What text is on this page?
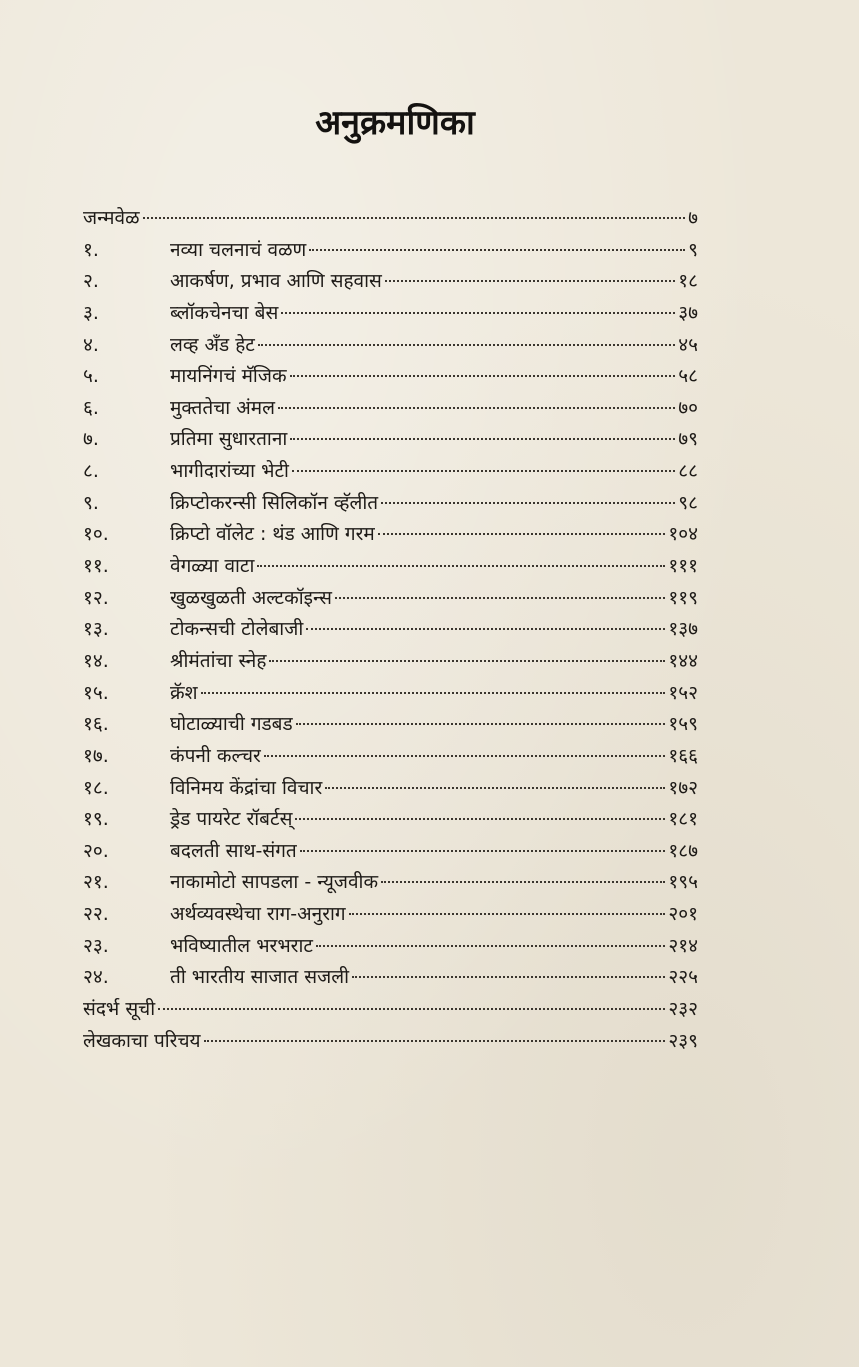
अनुक्रमणिका
जन्मवेळ	७
१.	नव्या चलनाचं वळण	९
२.	आकर्षण, प्रभाव आणि सहवास	१८
३.	ब्लॉकचेनचा बेस	३७
४.	लव्ह अँड हेट	४५
५.	मायनिंगचं मॅजिक	५८
६.	मुक्ततेचा अंमल	७०
७.	प्रतिमा सुधारताना	७९
८.	भागीदारांच्या भेटी	८८
९.	क्रिप्टोकरन्सी सिलिकॉन व्हॅलीत	९८
१०.	क्रिप्टो वॉलेट : थंड आणि गरम	१०४
११.	वेगळ्या वाटा	१११
१२.	खुळखुळती अल्टकॉइन्स	११९
१३.	टोकन्सची टोलेबाजी	१३७
१४.	श्रीमंतांचा स्नेह	१४४
१५.	क्रॅश	१५२
१६.	घोटाळ्याची गडबड	१५९
१७.	कंपनी कल्चर	१६६
१८.	विनिमय केंद्रांचा विचार	१७२
१९.	ड्रेड पायरेट रॉबर्टस्	१८१
२०.	बदलती साथ-संगत	१८७
२१.	नाकामोटो सापडला - न्यूजवीक	१९५
२२.	अर्थव्यवस्थेचा राग-अनुराग	२०१
२३.	भविष्यातील भरभराट	२१४
२४.	ती भारतीय साजात सजली	२२५
संदर्भ सूची	२३२
लेखकाचा परिचय	२३९
